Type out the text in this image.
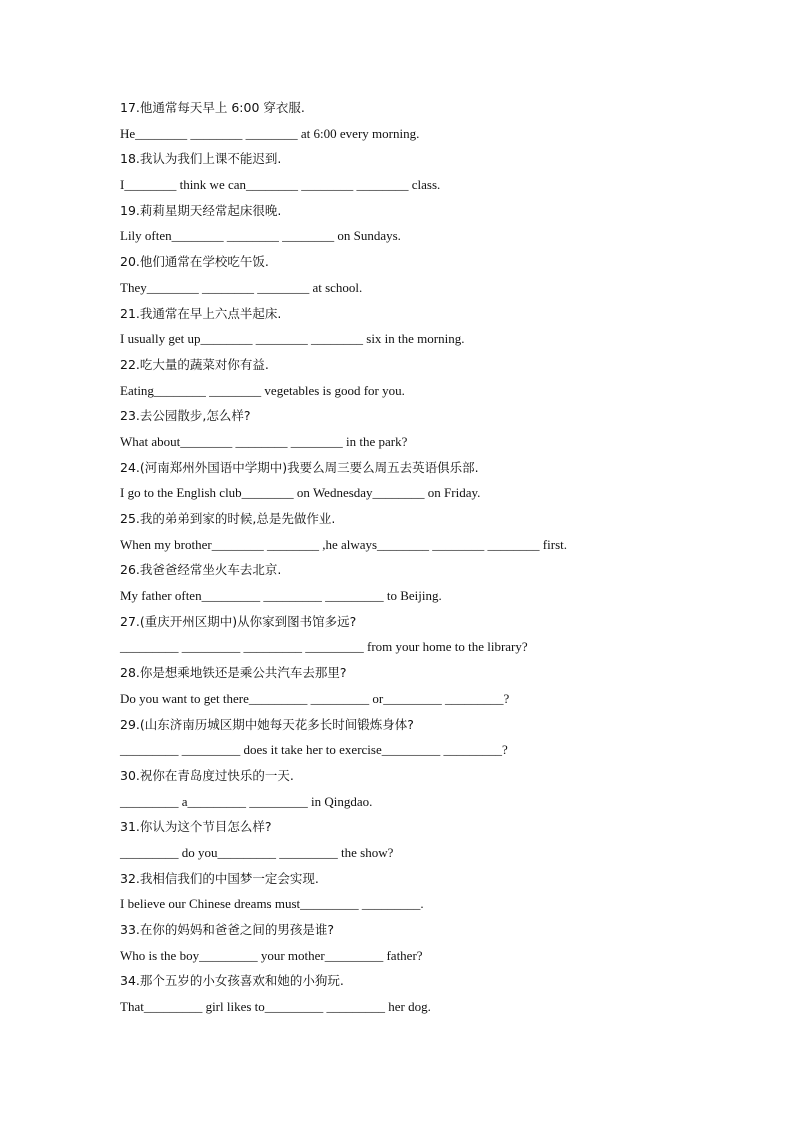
17.他通常每天早上 6:00 穿衣服.
He________ ________ ________ at 6:00 every morning.
18.我认为我们上课不能迟到.
I________ think we can________ ________ ________ class.
19.莉莉星期天经常起床很晚.
Lily often________ ________ ________ on Sundays.
20.他们通常在学校吃午饭.
They________ ________ ________ at school.
21.我通常在早上六点半起床.
I usually get up________ ________ ________ six in the morning.
22.吃大量的蔬菜对你有益.
Eating________ ________ vegetables is good for you.
23.去公园散步,怎么样?
What about________ ________ ________ in the park?
24.(河南郑州外国语中学期中)我要么周三要么周五去英语俱乐部.
I go to the English club________ on Wednesday________ on Friday.
25.我的弟弟到家的时候,总是先做作业.
When my brother________ ________ ,he always________ ________ ________ first.
26.我爸爸经常坐火车去北京.
My father often_________ _________ _________ to Beijing.
27.(重庆开州区期中)从你家到图书馆多远?
_________ _________ _________ _________ from your home to the library?
28.你是想乘地铁还是乘公共汽车去那里?
Do you want to get there_________ _________ or_________ _________?
29.(山东济南历城区期中她每天花多长时间锻炼身体?
_________ _________ does it take her to exercise_________ _________?
30.祝你在青岛度过快乐的一天.
_________ a_________ _________ in Qingdao.
31.你认为这个节目怎么样?
_________ do you_________ _________ the show?
32.我相信我们的中国梦一定会实现.
I believe our Chinese dreams must_________ _________.
33.在你的妈妈和爸爸之间的男孩是谁?
Who is the boy_________ your mother_________ father?
34.那个五岁的小女孩喜欢和她的小狗玩.
That_________ girl likes to_________ _________ her dog.
